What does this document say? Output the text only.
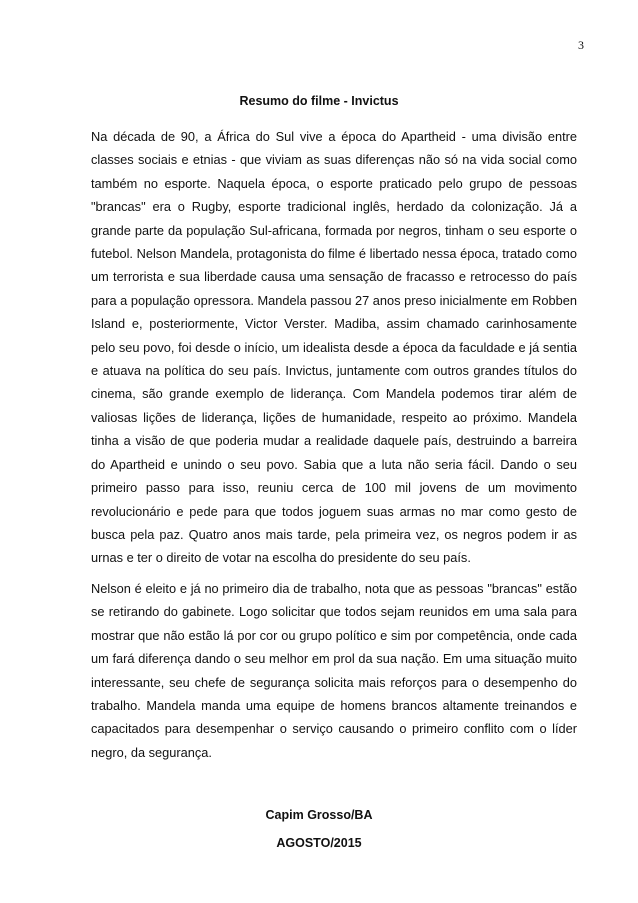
3
Resumo do filme - Invictus

Na década de 90, a África do Sul vive a época do Apartheid - uma divisão entre classes sociais e etnias - que viviam as suas diferenças não só na vida social como também no esporte. Naquela época, o esporte praticado pelo grupo de pessoas "brancas" era o Rugby, esporte tradicional inglês, herdado da colonização. Já a grande parte da população Sul-africana, formada por negros, tinham o seu esporte o futebol. Nelson Mandela, protagonista do filme é libertado nessa época, tratado como um terrorista e sua liberdade causa uma sensação de fracasso e retrocesso do país para a população opressora. Mandela passou 27 anos preso inicialmente em Robben Island e, posteriormente, Victor Verster. Madiba, assim chamado carinhosamente pelo seu povo, foi desde o início, um idealista desde a época da faculdade e já sentia e atuava na política do seu país. Invictus, juntamente com outros grandes títulos do cinema, são grande exemplo de liderança. Com Mandela podemos tirar além de valiosas lições de liderança, lições de humanidade, respeito ao próximo. Mandela tinha a visão de que poderia mudar a realidade daquele país, destruindo a barreira do Apartheid e unindo o seu povo. Sabia que a luta não seria fácil. Dando o seu primeiro passo para isso, reuniu cerca de 100 mil jovens de um movimento revolucionário e pede para que todos joguem suas armas no mar como gesto de busca pela paz. Quatro anos mais tarde, pela primeira vez, os negros podem ir as urnas e ter o direito de votar na escolha do presidente do seu país.

Nelson é eleito e já no primeiro dia de trabalho, nota que as pessoas "brancas" estão se retirando do gabinete. Logo solicitar que todos sejam reunidos em uma sala para mostrar que não estão lá por cor ou grupo político e sim por competência, onde cada um fará diferença dando o seu melhor em prol da sua nação. Em uma situação muito interessante, seu chefe de segurança solicita mais reforços para o desempenho do trabalho. Mandela manda uma equipe de homens brancos altamente treinandos e capacitados para desempenhar o serviço causando o primeiro conflito com o líder negro, da segurança.

Capim Grosso/BA
AGOSTO/2015
